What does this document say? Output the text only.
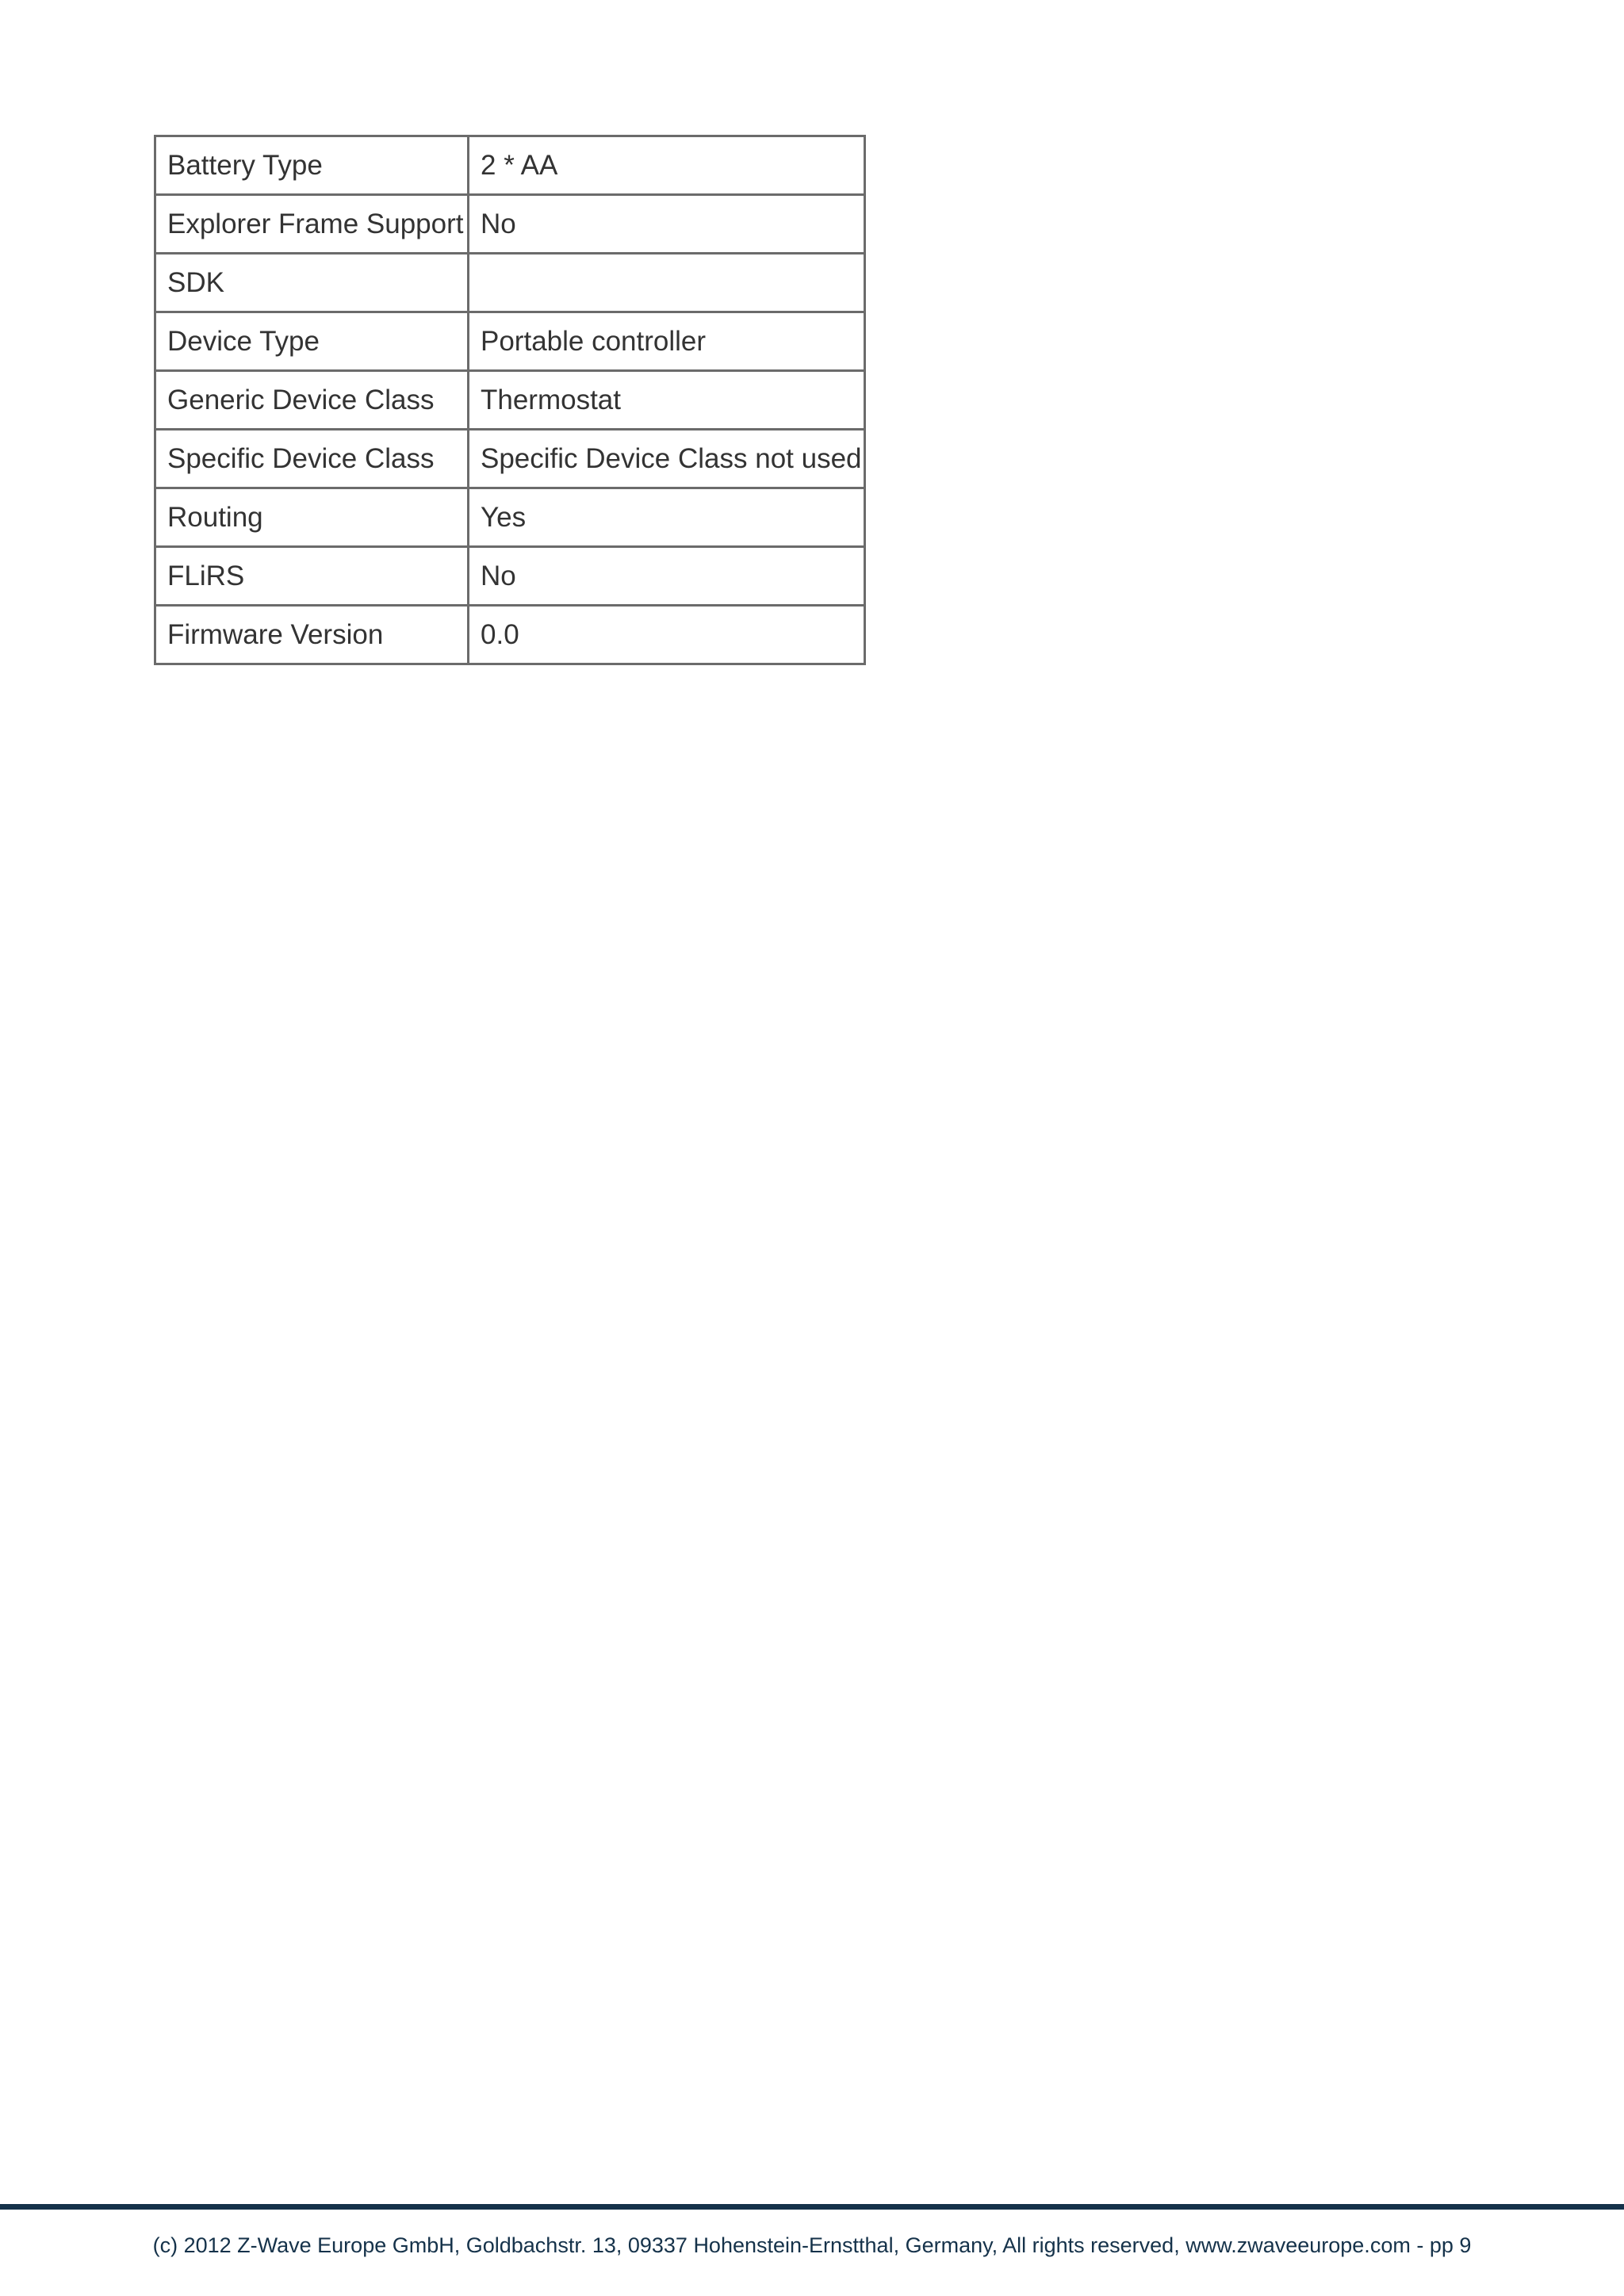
Battery Type	2 * AA
Explorer Frame Support	No
SDK	
Device Type	Portable controller
Generic Device Class	Thermostat
Specific Device Class	Specific Device Class not used
Routing	Yes
FLiRS	No
Firmware Version	0.0
(c) 2012 Z-Wave Europe GmbH, Goldbachstr. 13, 09337 Hohenstein-Ernstthal, Germany, All rights reserved, www.zwaveeurope.com - pp 9
